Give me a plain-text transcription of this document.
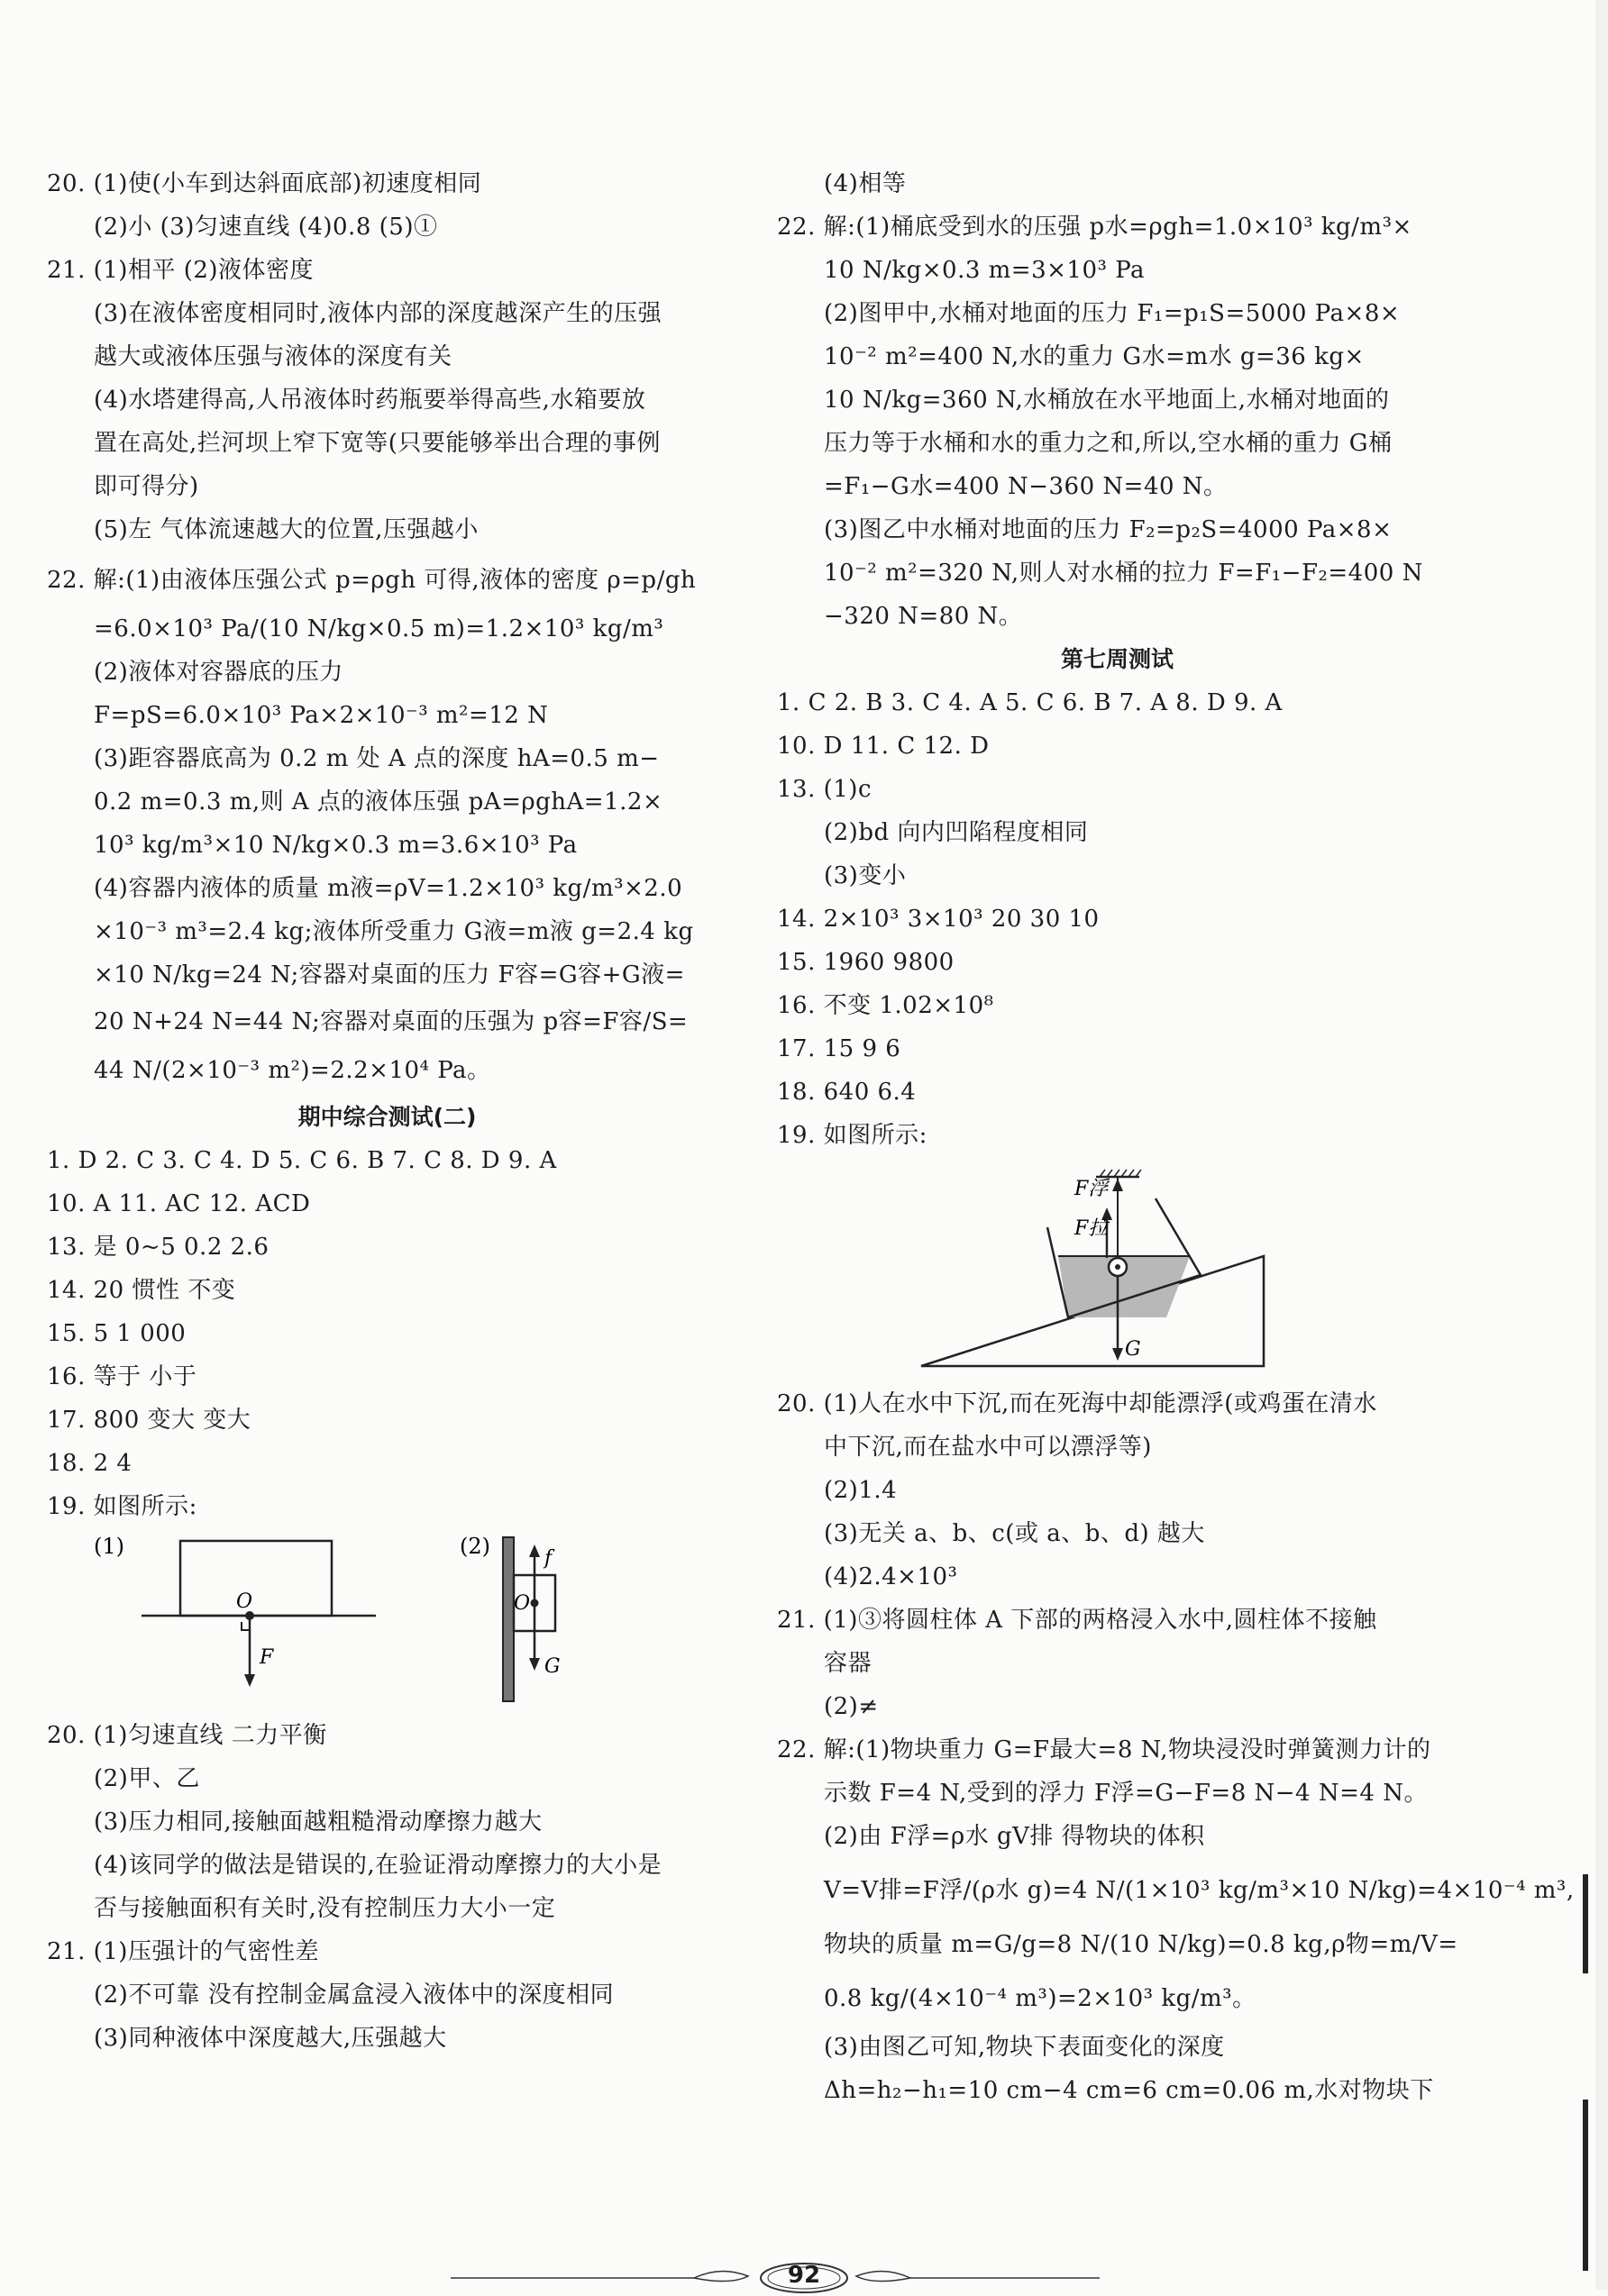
20. (1)使(小车到达斜面底部)初速度相同
(2)小 (3)匀速直线 (4)0.8 (5)①
21. (1)相平 (2)液体密度
(3)在液体密度相同时,液体内部的深度越深产生的压强
越大或液体压强与液体的深度有关
(4)水塔建得高,人吊液体时药瓶要举得高些,水箱要放
置在高处,拦河坝上窄下宽等(只要能够举出合理的事例
即可得分)
(5)左 气体流速越大的位置,压强越小
22. 解:(1)由液体压强公式 p=ρgh 可得,液体的密度 ρ=p/gh
=6.0×10³ Pa/(10 N/kg×0.5 m)=1.2×10³ kg/m³
(2)液体对容器底的压力
F=pS=6.0×10³ Pa×2×10⁻³ m²=12 N
(3)距容器底高为 0.2 m 处 A 点的深度 hA=0.5 m−
0.2 m=0.3 m,则 A 点的液体压强 pA=ρghA=1.2×
10³ kg/m³×10 N/kg×0.3 m=3.6×10³ Pa
(4)容器内液体的质量 m液=ρV=1.2×10³ kg/m³×2.0
×10⁻³ m³=2.4 kg;液体所受重力 G液=m液 g=2.4 kg
×10 N/kg=24 N;容器对桌面的压力 F容=G容+G液=
20 N+24 N=44 N;容器对桌面的压强为 p容=F容/S=
44 N/(2×10⁻³ m²)=2.2×10⁴ Pa。
期中综合测试(二)
1. D 2. C 3. C 4. D 5. C 6. B 7. C 8. D 9. A
10. A 11. AC 12. ACD
13. 是 0~5 0.2 2.6
14. 20 惯性 不变
15. 5 1 000
16. 等于 小于
17. 800 变大 变大
18. 2 4
19. 如图所示:
(1)
O
F
(2)
O
f
G
20. (1)匀速直线 二力平衡
(2)甲、乙
(3)压力相同,接触面越粗糙滑动摩擦力越大
(4)该同学的做法是错误的,在验证滑动摩擦力的大小是
否与接触面积有关时,没有控制压力大小一定
21. (1)压强计的气密性差
(2)不可靠 没有控制金属盒浸入液体中的深度相同
(3)同种液体中深度越大,压强越大
(4)相等
22. 解:(1)桶底受到水的压强 p水=ρgh=1.0×10³ kg/m³×
10 N/kg×0.3 m=3×10³ Pa
(2)图甲中,水桶对地面的压力 F₁=p₁S=5000 Pa×8×
10⁻² m²=400 N,水的重力 G水=m水 g=36 kg×
10 N/kg=360 N,水桶放在水平地面上,水桶对地面的
压力等于水桶和水的重力之和,所以,空水桶的重力 G桶
=F₁−G水=400 N−360 N=40 N。
(3)图乙中水桶对地面的压力 F₂=p₂S=4000 Pa×8×
10⁻² m²=320 N,则人对水桶的拉力 F=F₁−F₂=400 N
−320 N=80 N。
第七周测试
1. C 2. B 3. C 4. A 5. C 6. B 7. A 8. D 9. A
10. D 11. C 12. D
13. (1)c
(2)bd 向内凹陷程度相同
(3)变小
14. 2×10³ 3×10³ 20 30 10
15. 1960 9800
16. 不变 1.02×10⁸
17. 15 9 6
18. 640 6.4
19. 如图所示:
F浮
F拉
G
20. (1)人在水中下沉,而在死海中却能漂浮(或鸡蛋在清水
中下沉,而在盐水中可以漂浮等)
(2)1.4
(3)无关 a、b、c(或 a、b、d) 越大
(4)2.4×10³
21. (1)③将圆柱体 A 下部的两格浸入水中,圆柱体不接触
容器
(2)≠
22. 解:(1)物块重力 G=F最大=8 N,物块浸没时弹簧测力计的
示数 F=4 N,受到的浮力 F浮=G−F=8 N−4 N=4 N。
(2)由 F浮=ρ水 gV排 得物块的体积
V=V排=F浮/(ρ水 g)=4 N/(1×10³ kg/m³×10 N/kg)=4×10⁻⁴ m³,
物块的质量 m=G/g=8 N/(10 N/kg)=0.8 kg,ρ物=m/V=
0.8 kg/(4×10⁻⁴ m³)=2×10³ kg/m³。
(3)由图乙可知,物块下表面变化的深度
Δh=h₂−h₁=10 cm−4 cm=6 cm=0.06 m,水对物块下
92
